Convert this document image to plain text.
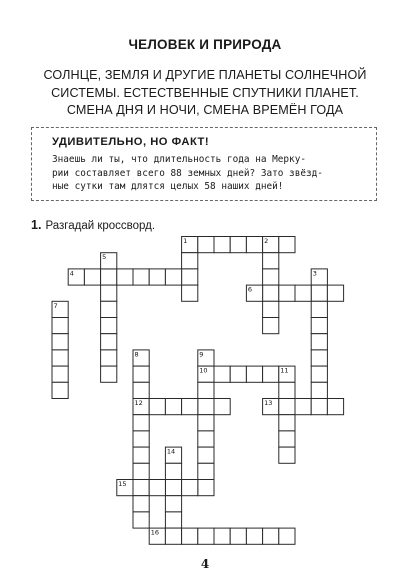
ЧЕЛОВЕК И ПРИРОДА
СОЛНЦЕ, ЗЕМЛЯ И ДРУГИЕ ПЛАНЕТЫ СОЛНЕЧНОЙ
СИСТЕМЫ. ЕСТЕСТВЕННЫЕ СПУТНИКИ ПЛАНЕТ.
СМЕНА ДНЯ И НОЧИ, СМЕНА ВРЕМЁН ГОДА
УДИВИТЕЛЬНО, НО ФАКТ!
Знаешь ли ты, что длительность года на Мерку-
рии составляет всего 88 земных дней? Зато звёзд-
ные сутки там длятся целых 58 наших дней!
1. Разгадай кроссворд.
1	2
3
4
5
6
7
8	9
10	11
12	13
14
15
16
4
